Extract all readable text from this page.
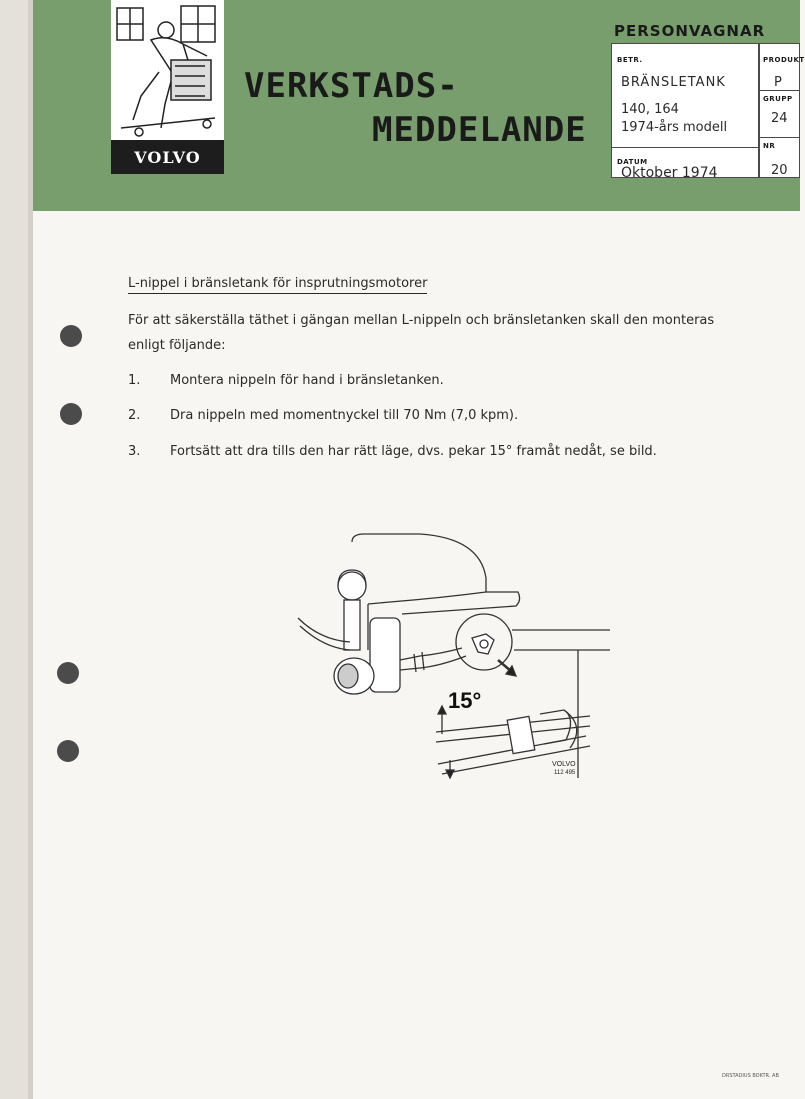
VERKSTADS-
MEDDELANDE
PERSONVAGNAR
BETR.
BRÄNSLETANK
140, 164
1974-års modell
DATUM
Oktober 1974
PRODUKT
P
GRUPP
24
NR
20
VOLVO
L-nippel i bränsletank för insprutningsmotorer
För att säkerställa täthet i gängan mellan L-nippeln och bränsletanken skall den monteras enligt följande:
1. Montera nippeln för hand i bränsletanken.
2. Dra nippeln med momentnyckel till 70 Nm (7,0 kpm).
3. Fortsätt att dra tills den har rätt läge, dvs. pekar 15° framåt nedåt, se bild.
15°
VOLVO
112 495
DRSTADIUS BOKTR. AB
